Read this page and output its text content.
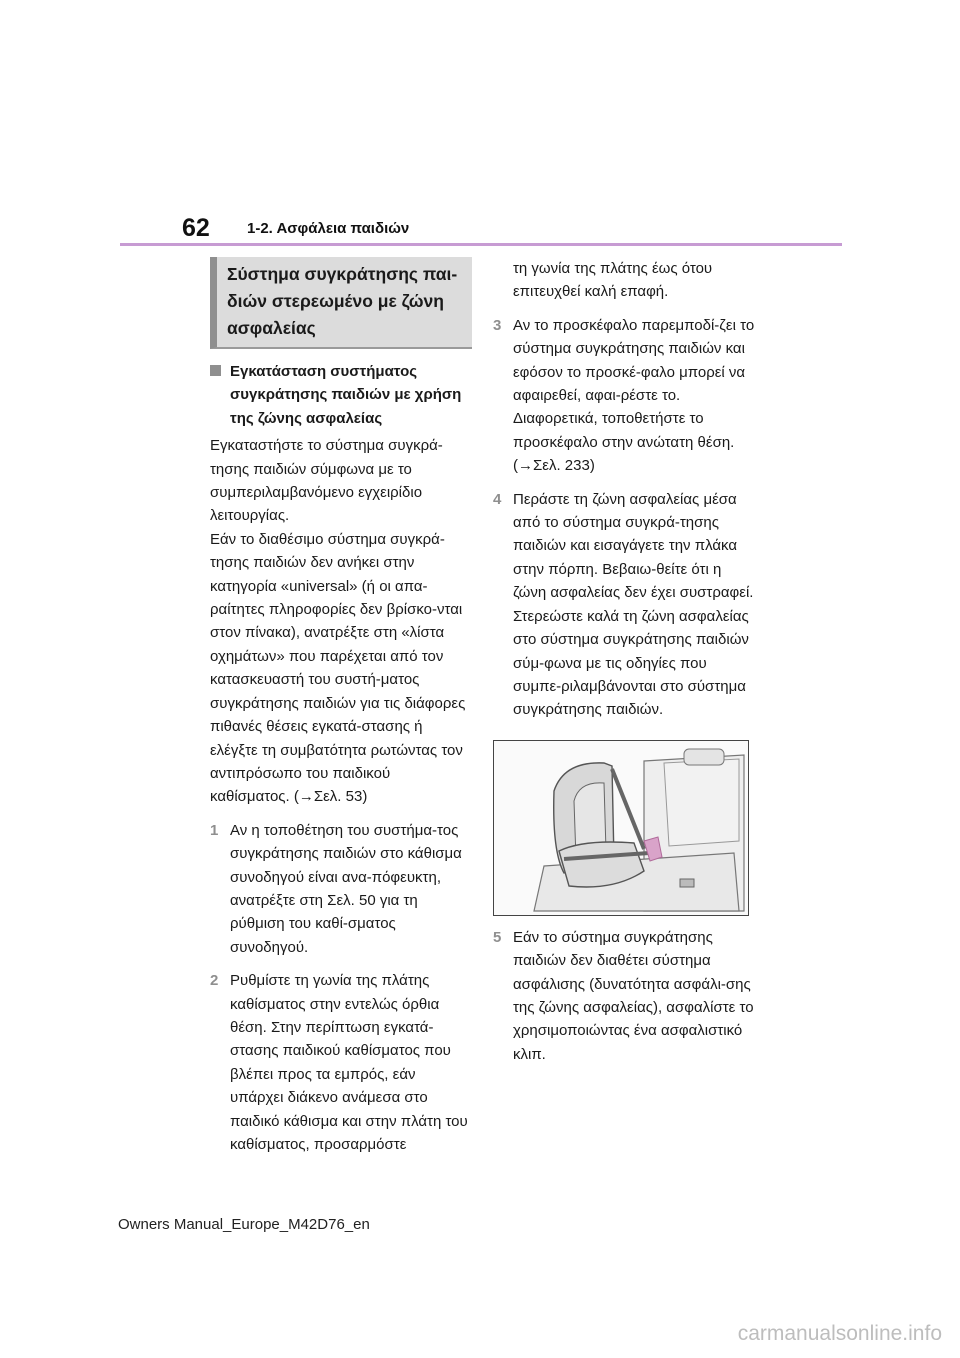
62 1-2. Ασφάλεια παιδιών
Σύστημα συγκράτησης παι-διών στερεωμένο με ζώνη ασφαλείας
Εγκατάσταση συστήματος συγκράτησης παιδιών με χρήση της ζώνης ασφαλείας

Εγκαταστήστε το σύστημα συγκρά-τησης παιδιών σύμφωνα με το συμπεριλαμβανόμενο εγχειρίδιο λειτουργίας.

Εάν το διαθέσιμο σύστημα συγκρά-τησης παιδιών δεν ανήκει στην κατηγορία «universal» (ή οι απα-ραίτητες πληροφορίες δεν βρίσκο-νται στον πίνακα), ανατρέξτε στη «λίστα οχημάτων» που παρέχεται από τον κατασκευαστή του συστή-ματος συγκράτησης παιδιών για τις διάφορες πιθανές θέσεις εγκατά-στασης ή ελέγξτε τη συμβατότητα ρωτώντας τον αντιπρόσωπο του παιδικού καθίσματος. (→Σελ. 53)

1 Αν η τοποθέτηση του συστήμα-τος συγκράτησης παιδιών στο κάθισμα συνοδηγού είναι ανα-πόφευκτη, ανατρέξτε στη Σελ. 50 για τη ρύθμιση του καθί-σματος συνοδηγού.
2 Ρυθμίστε τη γωνία της πλάτης καθίσματος στην εντελώς όρθια θέση. Στην περίπτωση εγκατά-στασης παιδικού καθίσματος που βλέπει προς τα εμπρός, εάν υπάρχει διάκενο ανάμεσα στο παιδικό κάθισμα και στην πλάτη του καθίσματος, προσαρμόστε
τη γωνία της πλάτης έως ότου επιτευχθεί καλή επαφή.
3 Αν το προσκέφαλο παρεμποδί-ζει το σύστημα συγκράτησης παιδιών και εφόσον το προσκέ-φαλο μπορεί να αφαιρεθεί, αφαι-ρέστε το. Διαφορετικά, τοποθετήστε το προσκέφαλο στην ανώτατη θέση. (→Σελ. 233)
4 Περάστε τη ζώνη ασφαλείας μέσα από το σύστημα συγκρά-τησης παιδιών και εισαγάγετε την πλάκα στην πόρπη. Βεβαιω-θείτε ότι η ζώνη ασφαλείας δεν έχει συστραφεί. Στερεώστε καλά τη ζώνη ασφαλείας στο σύστημα συγκράτησης παιδιών σύμ-φωνα με τις οδηγίες που συμπε-ριλαμβάνονται στο σύστημα συγκράτησης παιδιών.
5 Εάν το σύστημα συγκράτησης παιδιών δεν διαθέτει σύστημα ασφάλισης (δυνατότητα ασφάλι-σης της ζώνης ασφαλείας), ασφαλίστε το χρησιμοποιώντας ένα ασφαλιστικό κλιπ.
Owners Manual_Europe_M42D76_en
carmanualsonline.info
